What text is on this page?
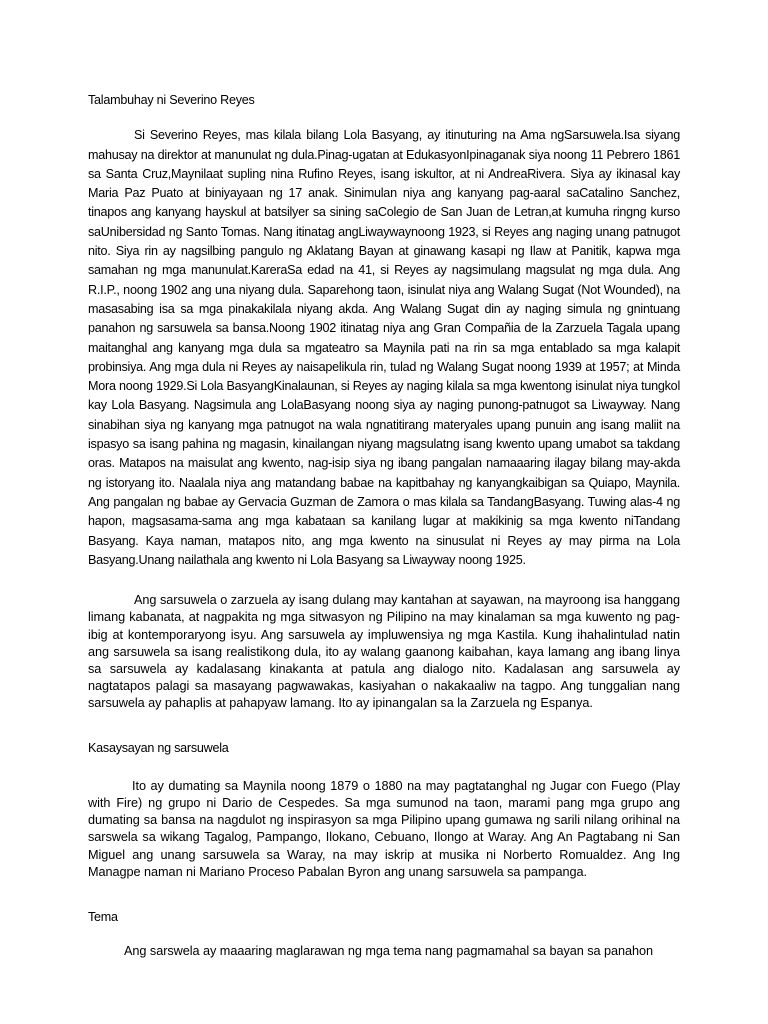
Talambuhay ni Severino Reyes

Si Severino Reyes, mas kilala bilang Lola Basyang, ay itinuturing na Ama ngSarsuwela.Isa siyang mahusay na direktor at manunulat ng dula.Pinag-ugatan at EdukasyonIpinaganak siya noong 11 Pebrero 1861 sa Santa Cruz,Maynilaat supling nina Rufino Reyes, isang iskultor, at ni AndreaRivera. Siya ay ikinasal kay Maria Paz Puato at biniyayaan ng 17 anak. Sinimulan niya ang kanyang pag-aaral saCatalino Sanchez, tinapos ang kanyang hayskul at batsilyer sa sining saColegio de San Juan de Letran,at kumuha ringng kurso saUnibersidad ng Santo Tomas. Nang itinatag angLiwaywaynoong 1923, si Reyes ang naging unang patnugot nito. Siya rin ay nagsilbing pangulo ng Aklatang Bayan at ginawang kasapi ng Ilaw at Panitik, kapwa mga samahan ng mga manunulat.KareraSa edad na 41, si Reyes ay nagsimulang magsulat ng mga dula. Ang R.I.P., noong 1902 ang una niyang dula. Saparehong taon, isinulat niya ang Walang Sugat (Not Wounded), na masasabing isa sa mga pinakakilala niyang akda. Ang Walang Sugat din ay naging simula ng gnintuang panahon ng sarsuwela sa bansa.Noong 1902 itinatag niya ang Gran Compañia de la Zarzuela Tagala upang maitanghal ang kanyang mga dula sa mgateatro sa Maynila pati na rin sa mga entablado sa mga kalapit probinsiya. Ang mga dula ni Reyes ay naisapelikula rin, tulad ng Walang Sugat noong 1939 at 1957; at Minda Mora noong 1929.Si Lola BasyangKinalaunan, si Reyes ay naging kilala sa mga kwentong isinulat niya tungkol kay Lola Basyang. Nagsimula ang LolaBasyang noong siya ay naging punong-patnugot sa Liwayway. Nang sinabihan siya ng kanyang mga patnugot na wala ngnatitirang materyales upang punuin ang isang maliit na ispasyo sa isang pahina ng magasin, kinailangan niyang magsulatng isang kwento upang umabot sa takdang oras. Matapos na maisulat ang kwento, nag-isip siya ng ibang pangalan namaaaring ilagay bilang may-akda ng istoryang ito. Naalala niya ang matandang babae na kapitbahay ng kanyangkaibigan sa Quiapo, Maynila. Ang pangalan ng babae ay Gervacia Guzman de Zamora o mas kilala sa TandangBasyang. Tuwing alas-4 ng hapon, magsasama-sama ang mga kabataan sa kanilang lugar at makikinig sa mga kwento niTandang Basyang. Kaya naman, matapos nito, ang mga kwento na sinusulat ni Reyes ay may pirma na Lola Basyang.Unang nailathala ang kwento ni Lola Basyang sa Liwayway noong 1925.

Ang sarsuwela o zarzuela ay isang dulang may kantahan at sayawan, na mayroong isa hanggang limang kabanata, at nagpakita ng mga sitwasyon ng Pilipino na may kinalaman sa mga kuwento ng pag-ibig at kontemporaryong isyu. Ang sarsuwela ay impluwensiya ng mga Kastila. Kung ihahalintulad natin ang sarsuwela sa isang realistikong dula, ito ay walang gaanong kaibahan, kaya lamang ang ibang linya sa sarsuwela ay kadalasang kinakanta at patula ang dialogo nito. Kadalasan ang sarsuwela ay nagtatapos palagi sa masayang pagwawakas, kasiyahan o nakakaaliw na tagpo. Ang tunggalian nang sarsuwela ay pahaplis at pahapyaw lamang. Ito ay ipinangalan sa la Zarzuela ng Espanya.

Kasaysayan ng sarsuwela

Ito ay dumating sa Maynila noong 1879 o 1880 na may pagtatanghal ng Jugar con Fuego (Play with Fire) ng grupo ni Dario de Cespedes. Sa mga sumunod na taon, marami pang mga grupo ang dumating sa bansa na nagdulot ng inspirasyon sa mga Pilipino upang gumawa ng sarili nilang orihinal na sarswela sa wikang Tagalog, Pampango, Ilokano, Cebuano, Ilongo at Waray. Ang An Pagtabang ni San Miguel ang unang sarsuwela sa Waray, na may iskrip at musika ni Norberto Romualdez. Ang Ing Managpe naman ni Mariano Proceso Pabalan Byron ang unang sarsuwela sa pampanga.

Tema

Ang sarswela ay maaaring maglarawan ng mga tema nang pagmamahal sa bayan sa panahon
